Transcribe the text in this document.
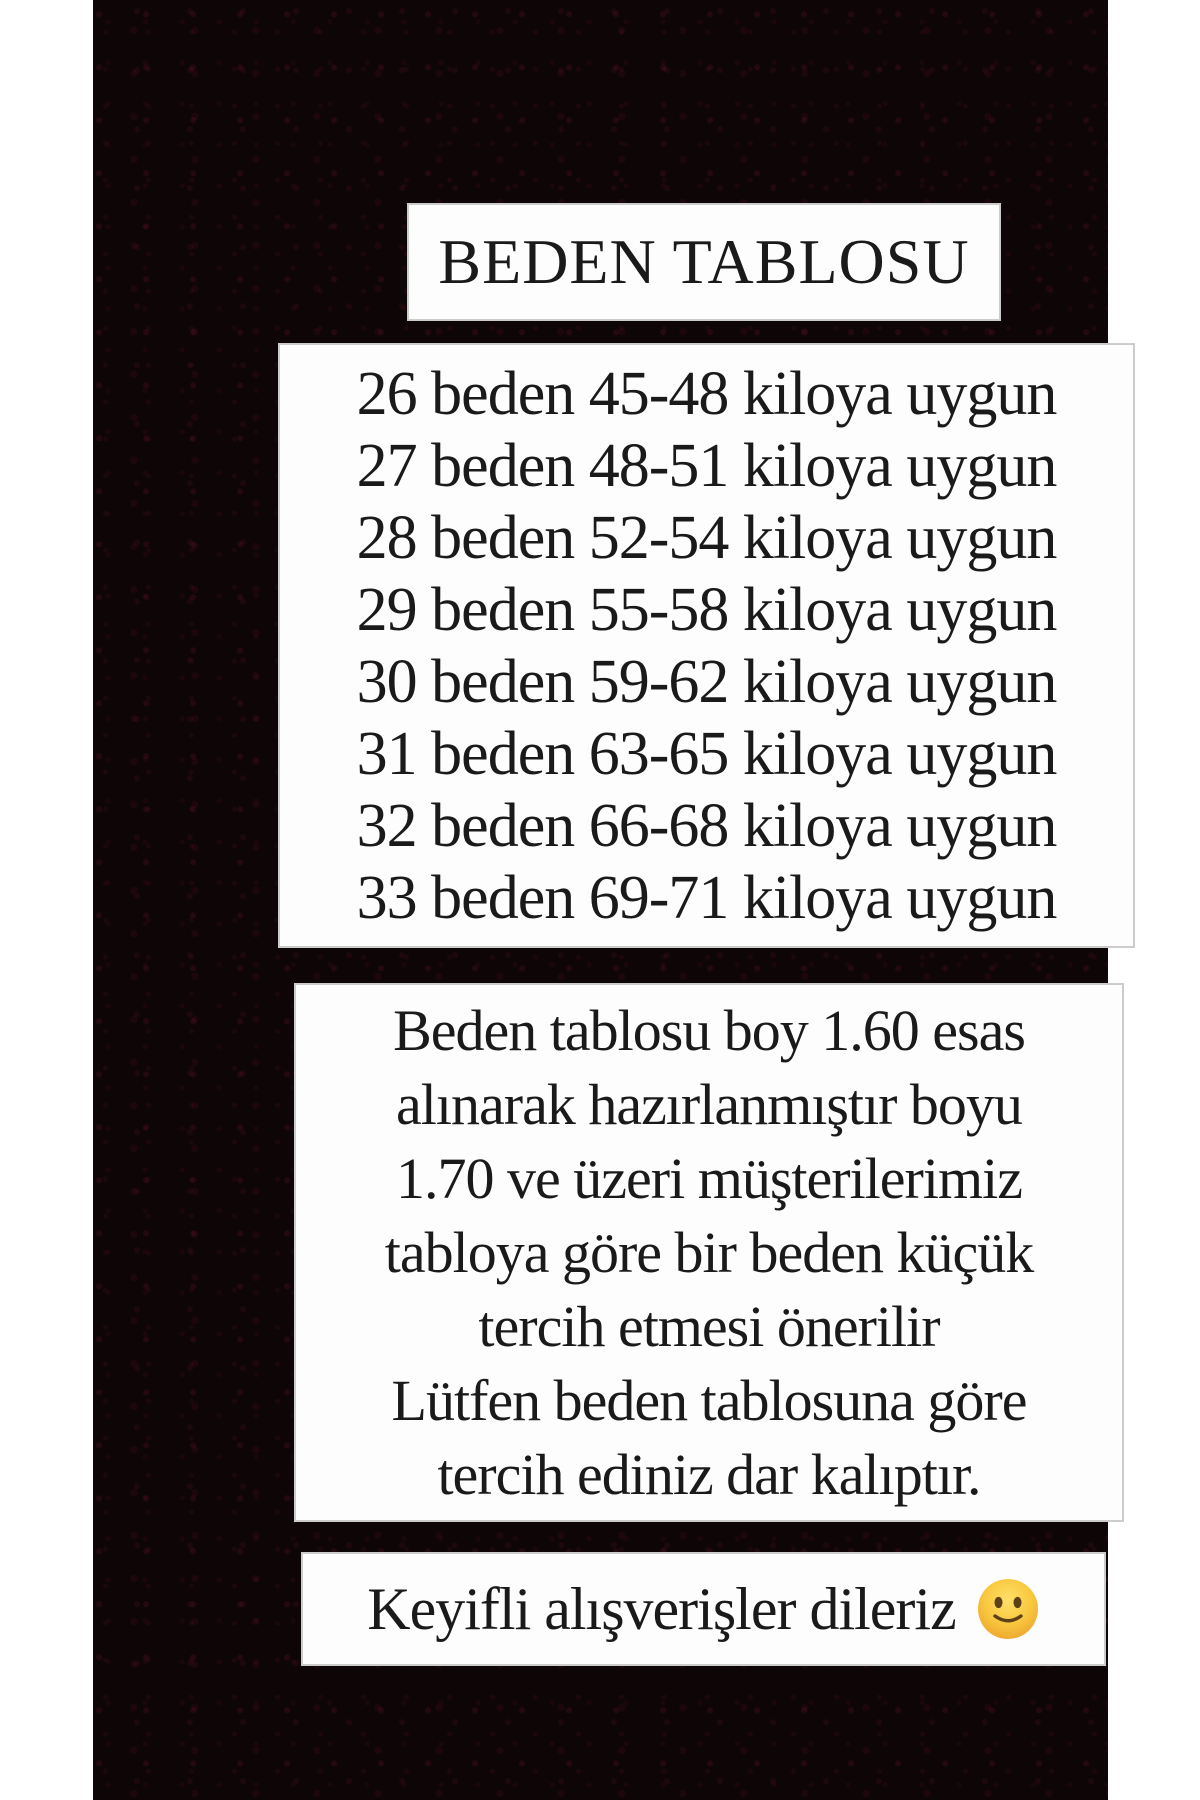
BEDEN TABLOSU
26 beden 45-48 kiloya uygun
27 beden 48-51 kiloya uygun
28 beden 52-54 kiloya uygun
29 beden 55-58 kiloya uygun
30 beden 59-62 kiloya uygun
31 beden 63-65 kiloya uygun
32 beden 66-68 kiloya uygun
33 beden 69-71 kiloya uygun
Beden tablosu boy 1.60 esas
alınarak hazırlanmıştır boyu
1.70 ve üzeri müşterilerimiz
tabloya göre bir beden küçük
tercih etmesi önerilir
Lütfen beden tablosuna göre
tercih ediniz dar kalıptır.
Keyifli alışverişler dileriz
